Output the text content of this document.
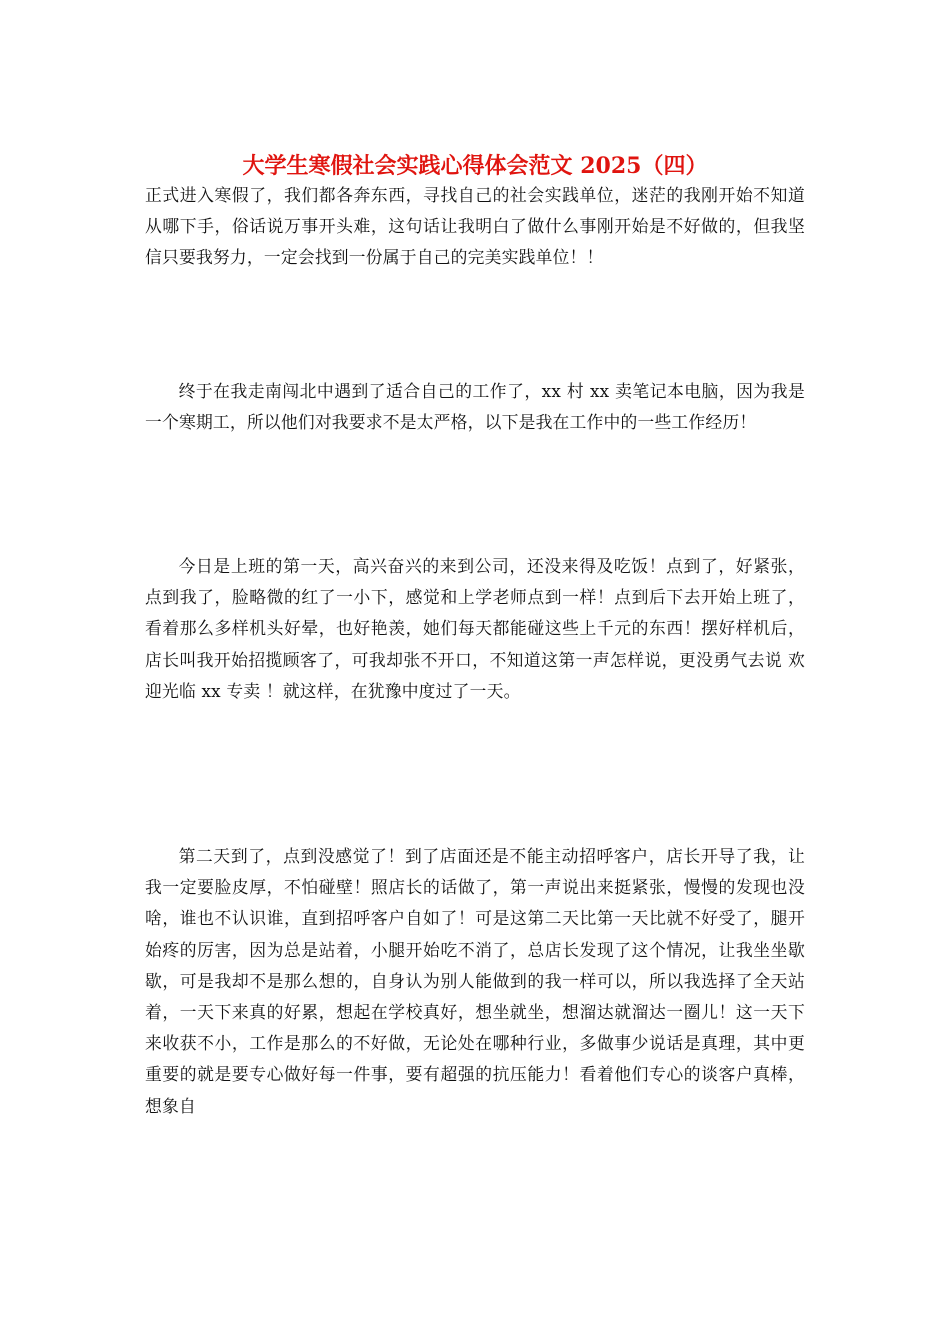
大学生寒假社会实践心得体会范文 2025（四）

正式进入寒假了，我们都各奔东西，寻找自己的社会实践单位，迷茫的我刚开始不知道从哪下手，俗话说万事开头难，这句话让我明白了做什么事刚开始是不好做的，但我坚信只要我努力，一定会找到一份属于自己的完美实践单位！！

终于在我走南闯北中遇到了适合自己的工作了，xx 村 xx 卖笔记本电脑，因为我是一个寒期工，所以他们对我要求不是太严格，以下是我在工作中的一些工作经历！

今日是上班的第一天，高兴奋兴的来到公司，还没来得及吃饭！点到了，好紧张，点到我了，脸略微的红了一小下，感觉和上学老师点到一样！点到后下去开始上班了，看着那么多样机头好晕，也好艳羡，她们每天都能碰这些上千元的东西！摆好样机后，店长叫我开始招揽顾客了，可我却张不开口，不知道这第一声怎样说，更没勇气去说 欢迎光临 xx 专卖 ！就这样，在犹豫中度过了一天。

第二天到了，点到没感觉了！到了店面还是不能主动招呼客户，店长开导了我，让我一定要脸皮厚，不怕碰壁！照店长的话做了，第一声说出来挺紧张，慢慢的发现也没啥，谁也不认识谁，直到招呼客户自如了！可是这第二天比第一天比就不好受了，腿开始疼的厉害，因为总是站着，小腿开始吃不消了，总店长发现了这个情况，让我坐坐歇歇，可是我却不是那么想的，自身认为别人能做到的我一样可以，所以我选择了全天站着，一天下来真的好累，想起在学校真好，想坐就坐，想溜达就溜达一圈儿！这一天下来收获不小，工作是那么的不好做，无论处在哪种行业，多做事少说话是真理，其中更重要的就是要专心做好每一件事，要有超强的抗压能力！看着他们专心的谈客户真棒，想象自
